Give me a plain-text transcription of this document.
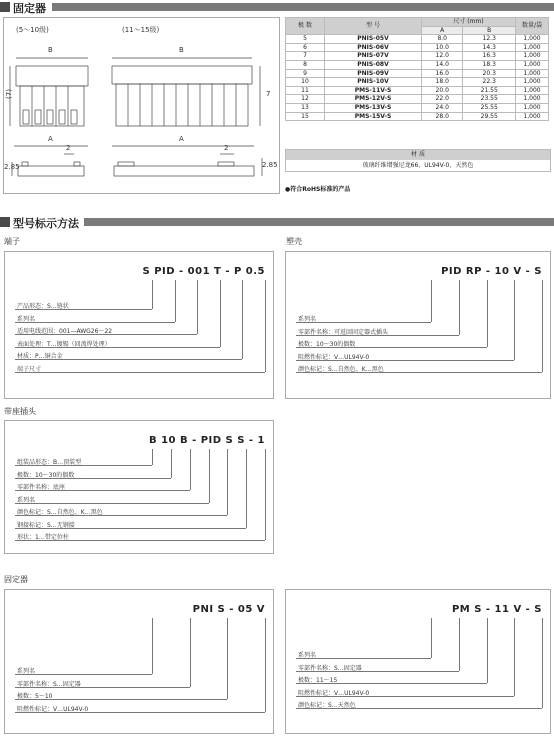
固定器
(5〜10级)	(11〜15级)
B	B
(7)	7
A	A
2	2
2.85	2.85
极 数	型 号	尺寸 (mm)		数量/袋
		A	B	
5	PNIS-05V	8.0	12.3	1,000
6	PNIS-06V	10.0	14.3	1,000
7	PNIS-07V	12.0	16.3	1,000
8	PNIS-08V	14.0	18.3	1,000
9	PNIS-09V	16.0	20.3	1,000
10	PNIS-10V	18.0	22.3	1,000
11	PMS-11V-S	20.0	21.55	1,000
12	PMS-12V-S	22.0	23.55	1,000
13	PMS-13V-S	24.0	25.55	1,000
15	PMS-15V-S	28.0	29.55	1,000
材 质
玻璃纤维增强尼龙66、UL94V-0、天然色
●符合RoHS标准的产品
型号标示方法
端子
S PID - 001 T - P 0.5
产品形态：S…链状
系列名
适用电线范围：001—AWG26〜22
表面处理：T…镀锡（回流焊处理）
材质：P…铜合金
端子尺寸
塑壳
PID RP - 10 V - S
系列名
零部件名称：可返回固定器式插头
极数：10〜30的偶数
阻燃性标记：V…UL94V-0
颜色标记：S…自然色、K…黑色
带座插头
B 10 B - PID S S - 1
组装品形态：B…顶装型
极数：10〜30的偶数
零部件名称：底座
系列名
颜色标记：S…自然色、K…黑色
钢接标记：S…无钢接
形状：1…带定位柱
固定器
PNI S - 05 V
系列名
零部件名称：S…固定器
极数：5〜10
阻燃性标记：V…UL94V-0
PM S - 11 V - S
系列名
零部件名称：S…固定器
极数：11〜15
阻燃性标记：V…UL94V-0
颜色标记：S…天然色
